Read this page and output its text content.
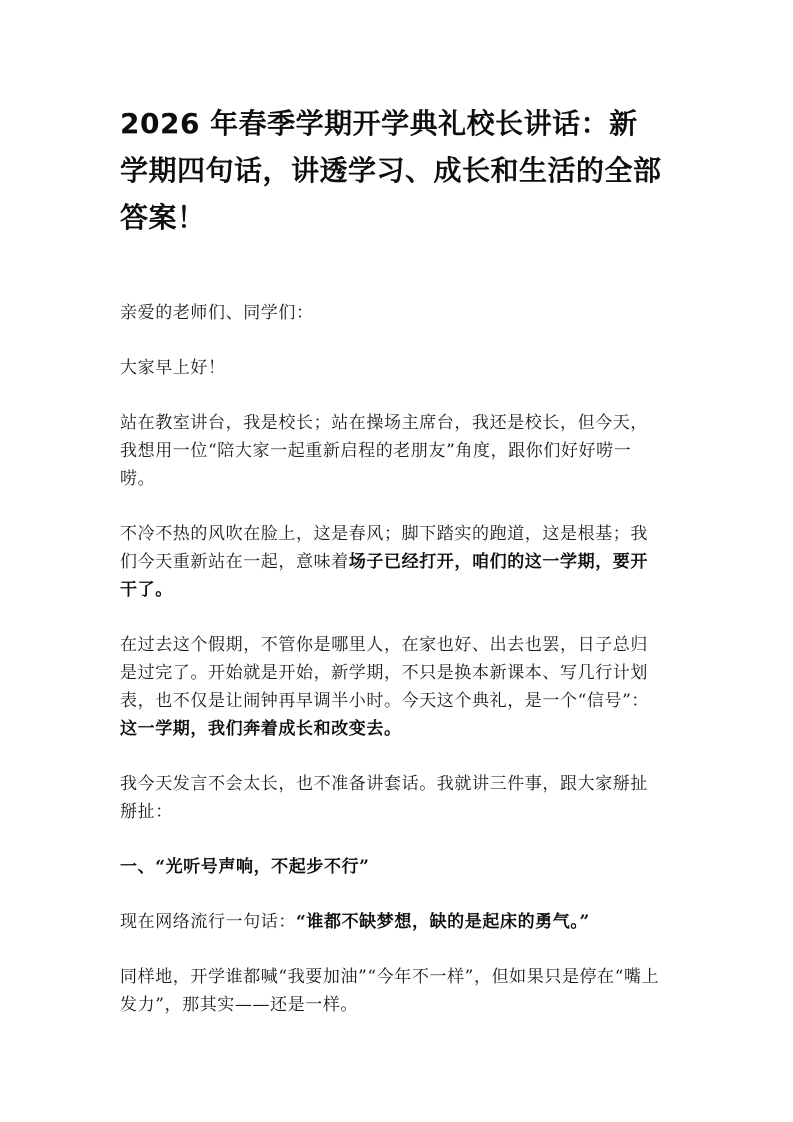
2026 年春季学期开学典礼校长讲话：新学期四句话，讲透学习、成长和生活的全部答案！

亲爱的老师们、同学们：

大家早上好！

站在教室讲台，我是校长；站在操场主席台，我还是校长，但今天，我想用一位“陪大家一起重新启程的老朋友”角度，跟你们好好唠一唠。

不冷不热的风吹在脸上，这是春风；脚下踏实的跑道，这是根基；我们今天重新站在一起，意味着场子已经打开，咱们的这一学期，要开干了。

在过去这个假期，不管你是哪里人，在家也好、出去也罢，日子总归是过完了。开始就是开始，新学期，不只是换本新课本、写几行计划表，也不仅是让闹钟再早调半小时。今天这个典礼，是一个“信号”：这一学期，我们奔着成长和改变去。

我今天发言不会太长，也不准备讲套话。我就讲三件事，跟大家掰扯掰扯：

一、“光听号声响，不起步不行”

现在网络流行一句话：“谁都不缺梦想，缺的是起床的勇气。”

同样地，开学谁都喊“我要加油”“今年不一样”，但如果只是停在“嘴上发力”，那其实——还是一样。
